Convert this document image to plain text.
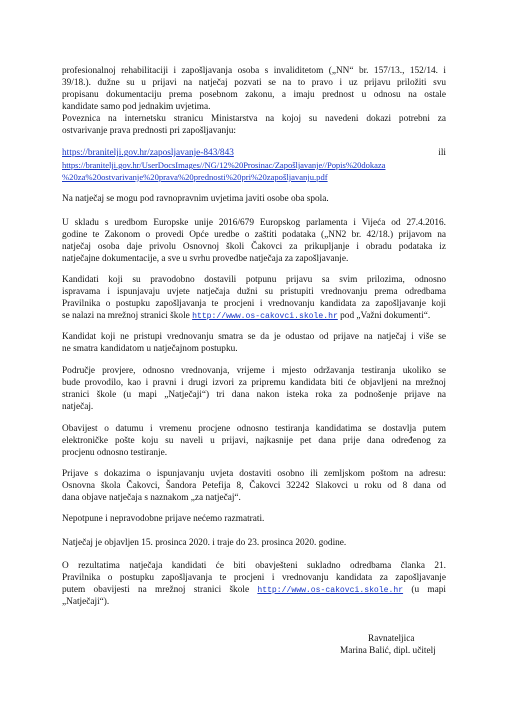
profesionalnoj rehabilitaciji i zapošljavanja osoba s invaliditetom („NN“ br. 157/13., 152/14. i
39/18.). dužne su u prijavi na natječaj pozvati se na to pravo i uz prijavu priložiti svu
propisanu dokumentaciju prema posebnom zakonu, a imaju prednost u odnosu na ostale
kandidate samo pod jednakim uvjetima.
Poveznica na internetsku stranicu Ministarstva na kojoj su navedeni dokazi potrebni za
ostvarivanje prava prednosti pri zapošljavanju:
https://branitelji.gov.hr/zaposljavanje-843/843	ili
https://branitelji.gov.hr/UserDocsImages//NG/12%20Prosinac/Zapošljavanje//Popis%20dokaza
%20za%20ostvarivanje%20prava%20prednosti%20pri%20zapošljavanju.pdf
Na natječaj se mogu pod ravnopravnim uvjetima javiti osobe oba spola.
U skladu s uredbom Europske unije 2016/679 Europskog parlamenta i Vijeća od 27.4.2016.
godine te Zakonom o provedi Opće uredbe o zaštiti podataka („NN2 br. 42/18.) prijavom na
natječaj osoba daje privolu Osnovnoj školi Čakovci za prikupljanje i obradu podataka iz
natječajne dokumentacije, a sve u svrhu provedbe natječaja za zapošljavanje.
Kandidati koji su pravodobno dostavili potpunu prijavu sa svim prilozima, odnosno
ispravama i ispunjavaju uvjete natječaja dužni su pristupiti vrednovanju prema odredbama
Pravilnika o postupku zapošljavanja te procjeni i vrednovanju kandidata za zapošljavanje koji
se nalazi na mrežnoj stranici škole http://www.os-cakovci.skole.hr pod „Važni dokumenti“.
Kandidat koji ne pristupi vrednovanju smatra se da je odustao od prijave na natječaj i više se
ne smatra kandidatom u natječajnom postupku.
Područje provjere, odnosno vrednovanja, vrijeme i mjesto održavanja testiranja ukoliko se
bude provodilo, kao i pravni i drugi izvori za pripremu kandidata biti će objavljeni na mrežnoj
stranici škole (u mapi „Natječaji“) tri dana nakon isteka roka za podnošenje prijave na
natječaj.
Obavijest o datumu i vremenu procjene odnosno testiranja kandidatima se dostavlja putem
elektroničke pošte koju su naveli u prijavi, najkasnije pet dana prije dana određenog za
procjenu odnosno testiranje.
Prijave s dokazima o ispunjavanju uvjeta dostaviti osobno ili zemljskom poštom na adresu:
Osnovna škola Čakovci, Šandora Petefija 8, Čakovci 32242 Slakovci u roku od 8 dana od
dana objave natječaja s naznakom „za natječaj“.
Nepotpune i nepravodobne prijave nećemo razmatrati.
Natječaj je objavljen 15. prosinca 2020. i traje do 23. prosinca 2020. godine.
O rezultatima natječaja kandidati će biti obavješteni sukladno odredbama članka 21.
Pravilnika o postupku zapošljavanja te procjeni i vrednovanju kandidata za zapošljavanje
putem obavijesti na mrežnoj stranici škole http://www.os-cakovci.skole.hr (u mapi
„Natječaji“).
Ravnateljica
Marina Balić, dipl. učitelj
